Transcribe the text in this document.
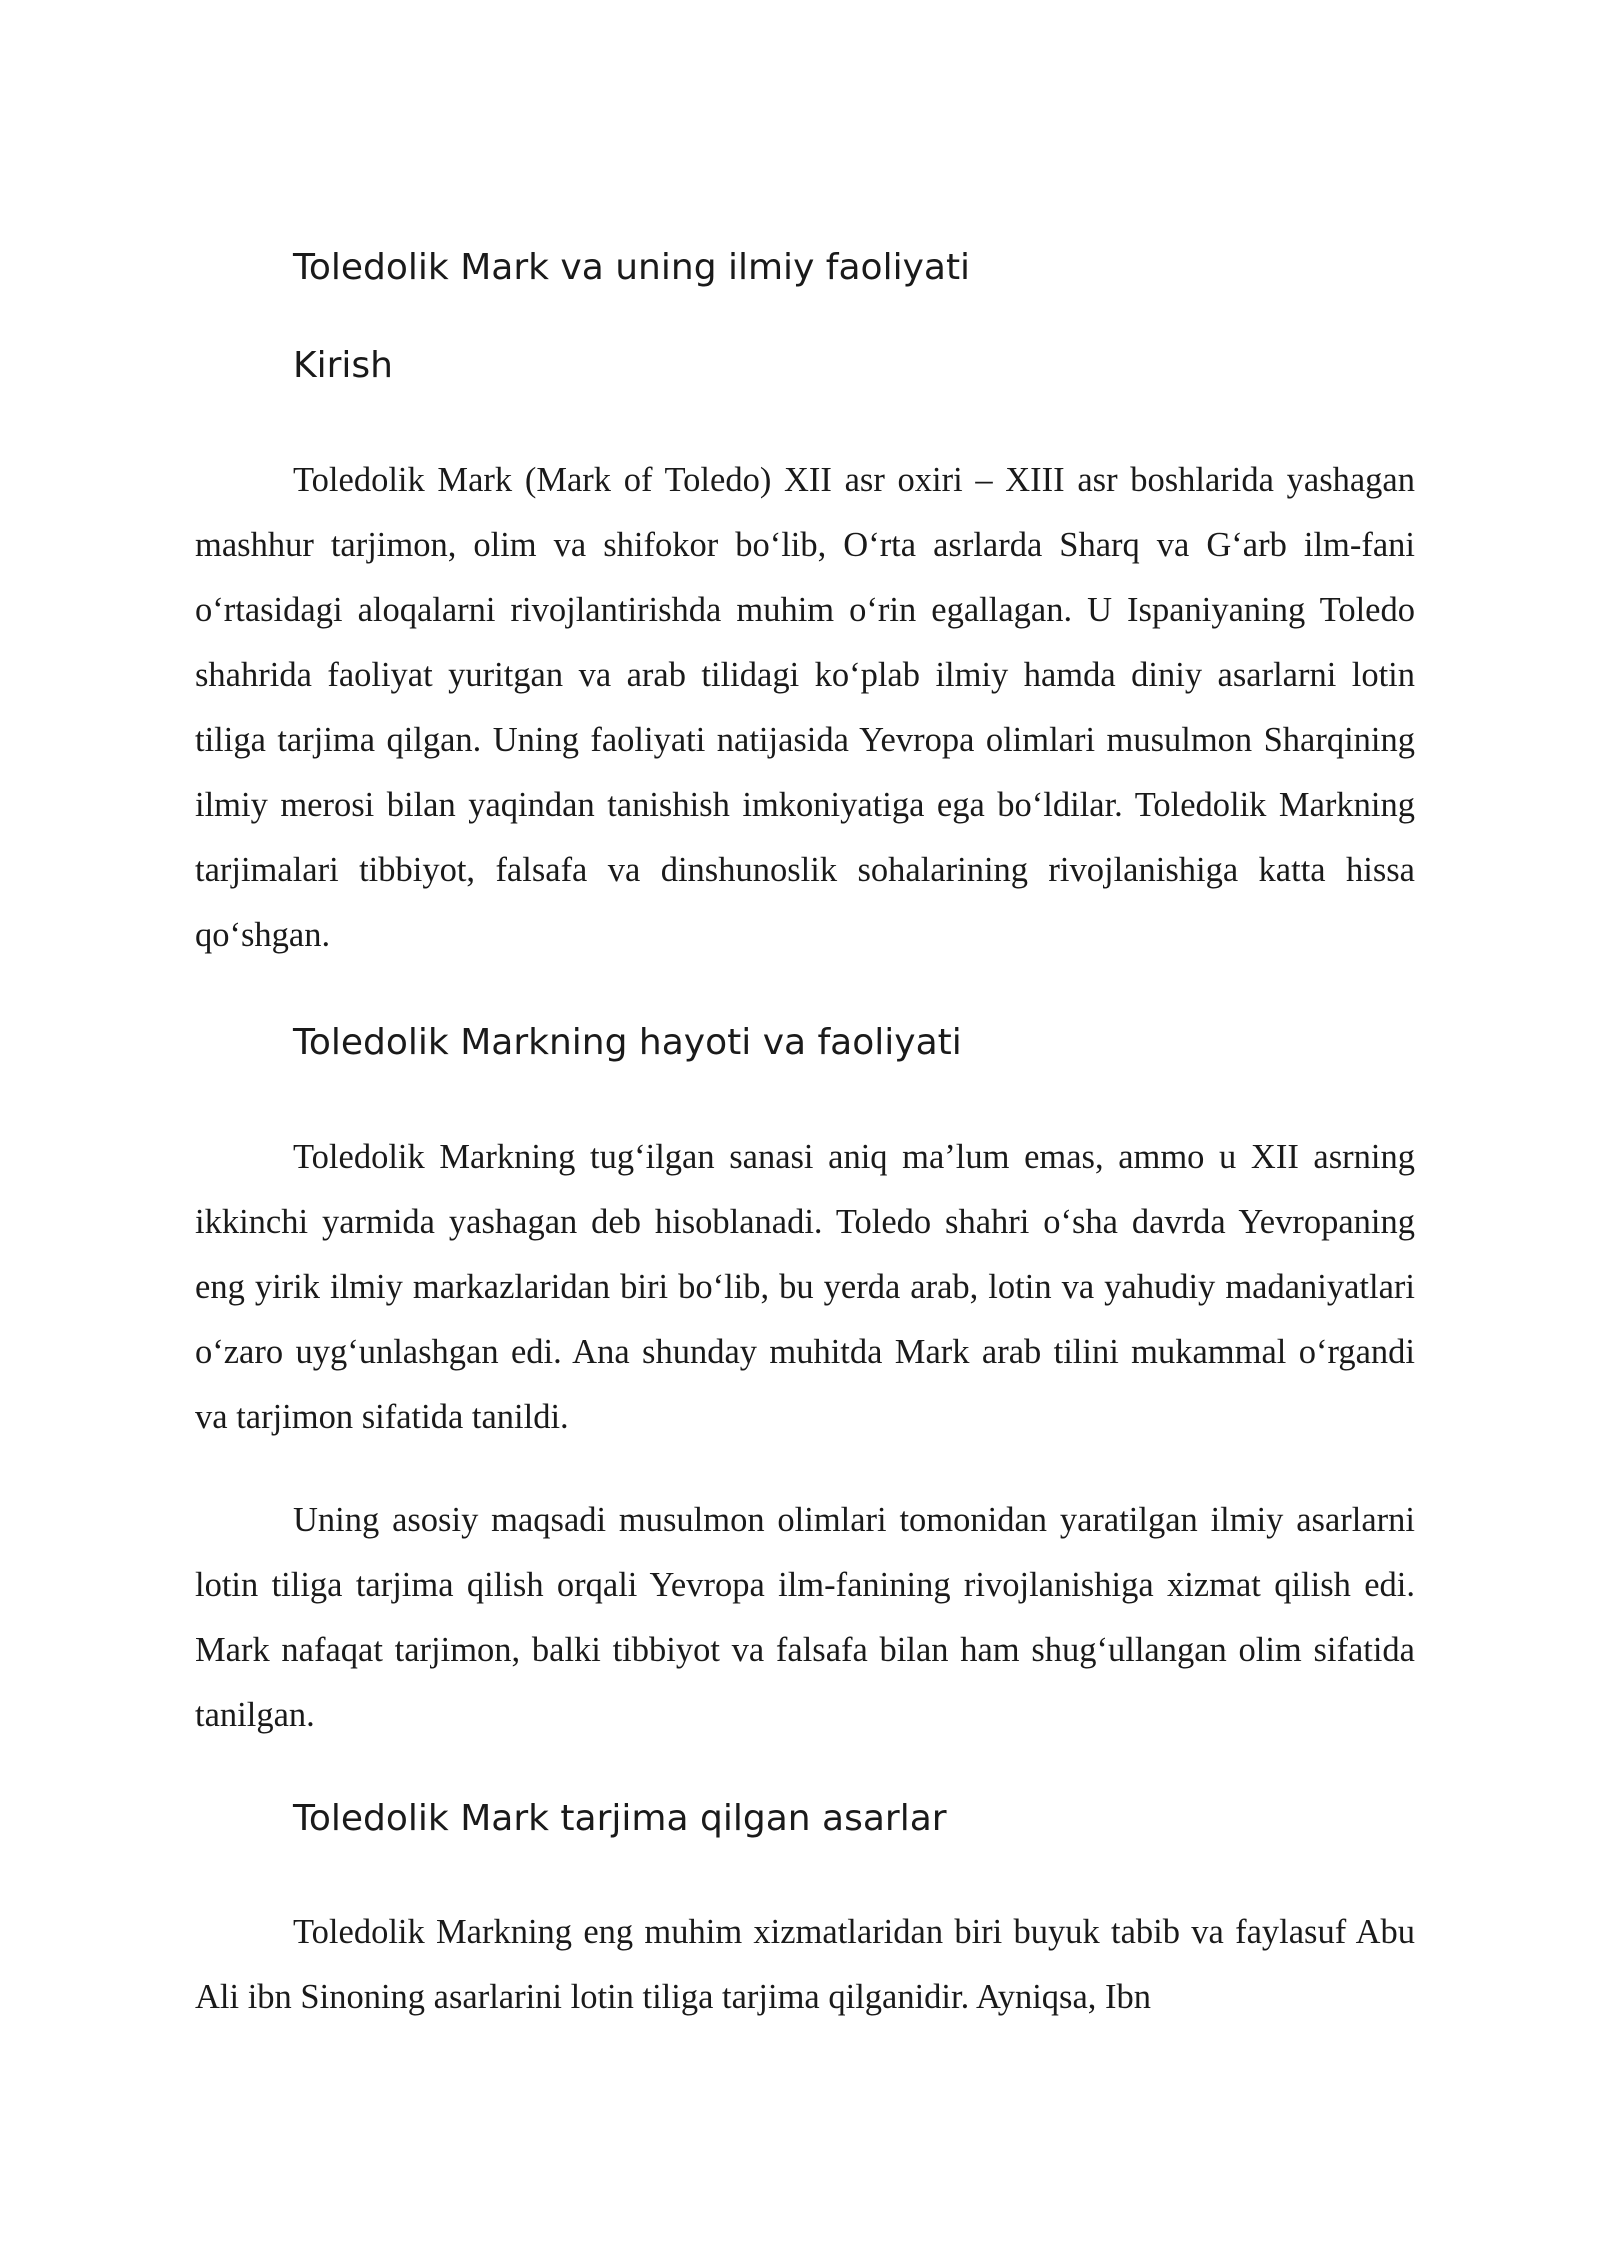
Toledolik Mark va uning ilmiy faoliyati
Kirish

Toledolik Mark (Mark of Toledo) XII asr oxiri – XIII asr boshlarida yashagan mashhur tarjimon, olim va shifokor bo‘lib, O‘rta asrlarda Sharq va G‘arb ilm-fani o‘rtasidagi aloqalarni rivojlantirishda muhim o‘rin egallagan. U Ispaniyaning Toledo shahrida faoliyat yuritgan va arab tilidagi ko‘plab ilmiy hamda diniy asarlarni lotin tiliga tarjima qilgan. Uning faoliyati natijasida Yevropa olimlari musulmon Sharqining ilmiy merosi bilan yaqindan tanishish imkoniyatiga ega bo‘ldilar. Toledolik Markning tarjimalari tibbiyot, falsafa va dinshunoslik sohalarining rivojlanishiga katta hissa qo‘shgan.

Toledolik Markning hayoti va faoliyati

Toledolik Markning tug‘ilgan sanasi aniq ma’lum emas, ammo u XII asrning ikkinchi yarmida yashagan deb hisoblanadi. Toledo shahri o‘sha davrda Yevropaning eng yirik ilmiy markazlaridan biri bo‘lib, bu yerda arab, lotin va yahudiy madaniyatlari o‘zaro uyg‘unlashgan edi. Ana shunday muhitda Mark arab tilini mukammal o‘rgandi va tarjimon sifatida tanildi.

Uning asosiy maqsadi musulmon olimlari tomonidan yaratilgan ilmiy asarlarni lotin tiliga tarjima qilish orqali Yevropa ilm-fanining rivojlanishiga xizmat qilish edi. Mark nafaqat tarjimon, balki tibbiyot va falsafa bilan ham shug‘ullangan olim sifatida tanilgan.

Toledolik Mark tarjima qilgan asarlar

Toledolik Markning eng muhim xizmatlaridan biri buyuk tabib va faylasuf Abu Ali ibn Sinoning asarlarini lotin tiliga tarjima qilganidir. Ayniqsa, Ibn
